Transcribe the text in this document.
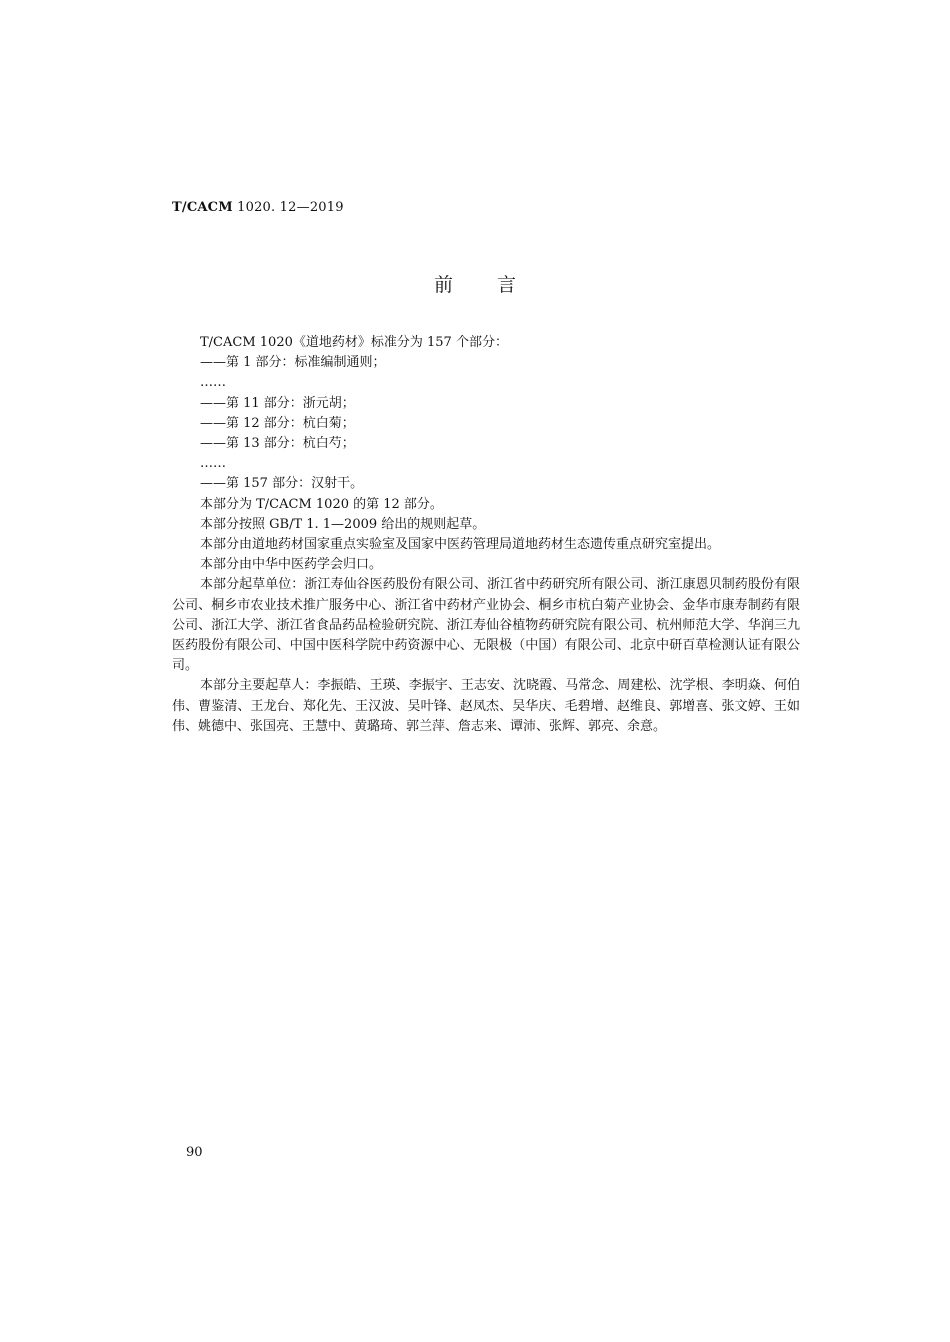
T/CACM 1020. 12—2019
前言

T/CACM 1020《道地药材》标准分为 157 个部分：

——第 1 部分：标准编制通则；

……

——第 11 部分：浙元胡；

——第 12 部分：杭白菊；

——第 13 部分：杭白芍；

……

——第 157 部分：汉射干。

本部分为 T/CACM 1020 的第 12 部分。

本部分按照 GB/T 1. 1—2009 给出的规则起草。

本部分由道地药材国家重点实验室及国家中医药管理局道地药材生态遗传重点研究室提出。

本部分由中华中医药学会归口。

本部分起草单位：浙江寿仙谷医药股份有限公司、浙江省中药研究所有限公司、浙江康恩贝制药股份有限公司、桐乡市农业技术推广服务中心、浙江省中药材产业协会、桐乡市杭白菊产业协会、金华市康寿制药有限公司、浙江大学、浙江省食品药品检验研究院、浙江寿仙谷植物药研究院有限公司、杭州师范大学、华润三九医药股份有限公司、中国中医科学院中药资源中心、无限极（中国）有限公司、北京中研百草检测认证有限公司。

本部分主要起草人：李振皓、王瑛、李振宇、王志安、沈晓霞、马常念、周建松、沈学根、李明焱、何伯伟、曹鉴清、王龙台、郑化先、王汉波、吴叶锋、赵凤杰、吴华庆、毛碧增、赵维良、郭增喜、张文婷、王如伟、姚德中、张国亮、王慧中、黄璐琦、郭兰萍、詹志来、谭沛、张辉、郭亮、余意。

90
